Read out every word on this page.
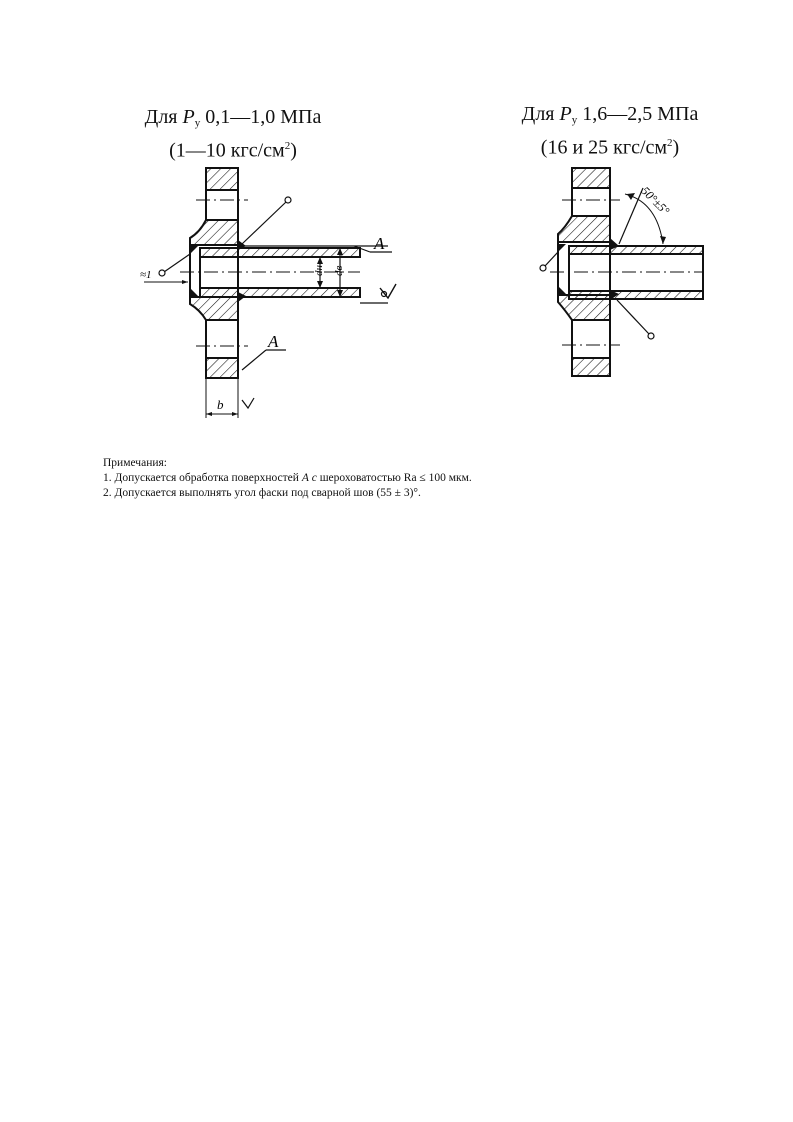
Для $P_у$ 0,1—1,0 МПа
(1—10 кгс/$см^2$)
Для $P_у$ 1,6—2,5 МПа
(16 и 25 кгс/$см^2$)
dн dв
A
≈1
A
b
50°±5°

Примечания:

1. Допускается обработка поверхностей А с шероховатостью Ra ≤ 100 мкм.

2. Допускается выполнять угол фаски под сварной шов (55 ± 3)°.
